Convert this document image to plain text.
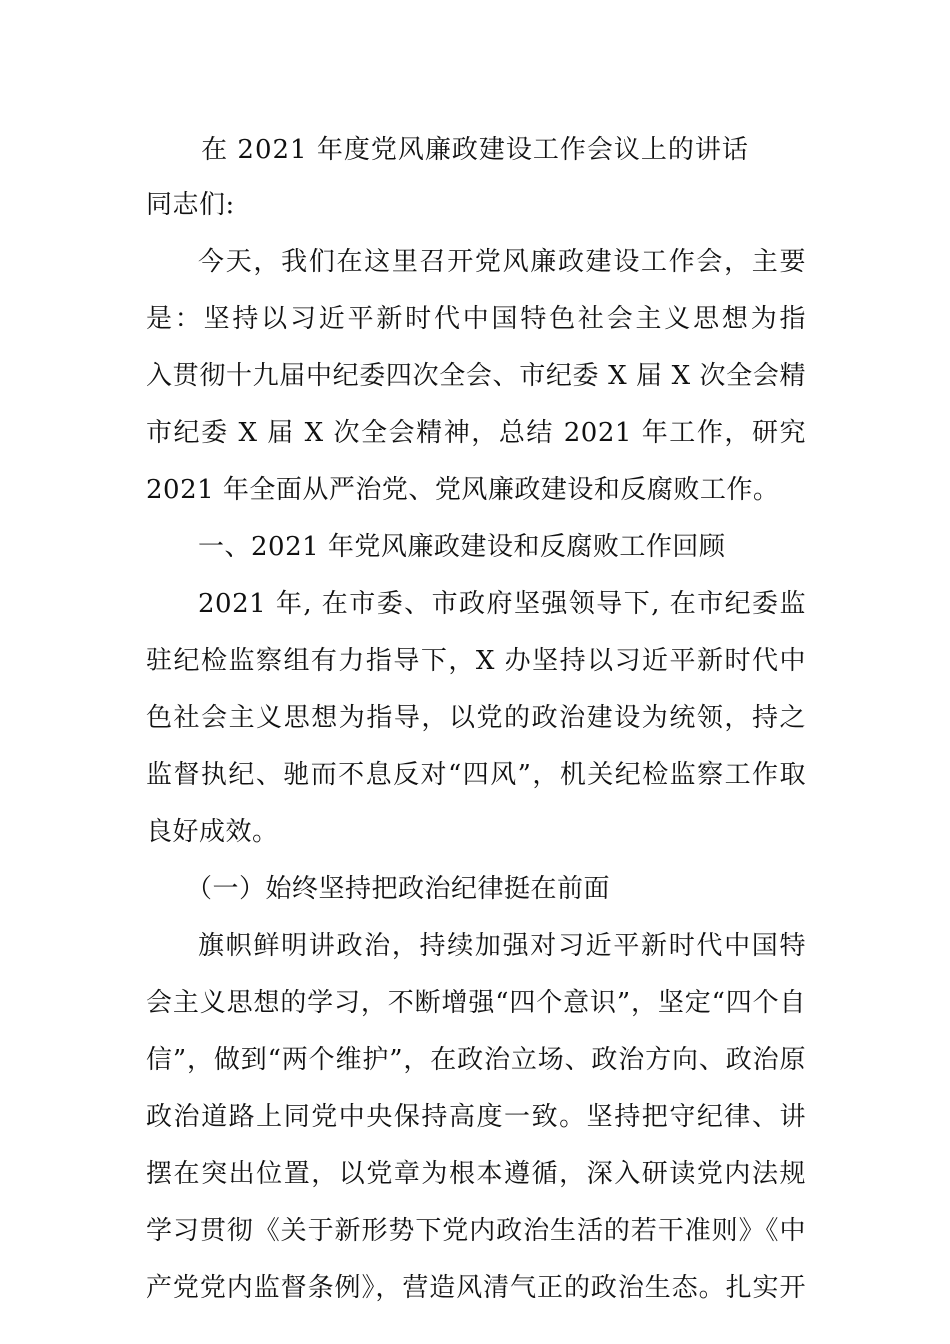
在 2021 年度党风廉政建设工作会议上的讲话
同志们:
今天，我们在这里召开党风廉政建设工作会，主要
是：坚持以习近平新时代中国特色社会主义思想为指
入贯彻十九届中纪委四次全会、市纪委 X 届 X 次全会精
市纪委 X 届 X 次全会精神，总结 2021 年工作，研究
2021 年全面从严治党、党风廉政建设和反腐败工作。
一、2021 年党风廉政建设和反腐败工作回顾
2021 年, 在市委、市政府坚强领导下, 在市纪委监
驻纪检监察组有力指导下，X 办坚持以习近平新时代中
色社会主义思想为指导，以党的政治建设为统领，持之
监督执纪、驰而不息反对“四风”，机关纪检监察工作取
良好成效。
（一）始终坚持把政治纪律挺在前面
旗帜鲜明讲政治，持续加强对习近平新时代中国特
会主义思想的学习，不断增强“四个意识”，坚定“四个自
信”，做到“两个维护”，在政治立场、政治方向、政治原
政治道路上同党中央保持高度一致。坚持把守纪律、讲
摆在突出位置，以党章为根本遵循，深入研读党内法规
学习贯彻《关于新形势下党内政治生活的若干准则》《中
产党党内监督条例》，营造风清气正的政治生态。扎实开
